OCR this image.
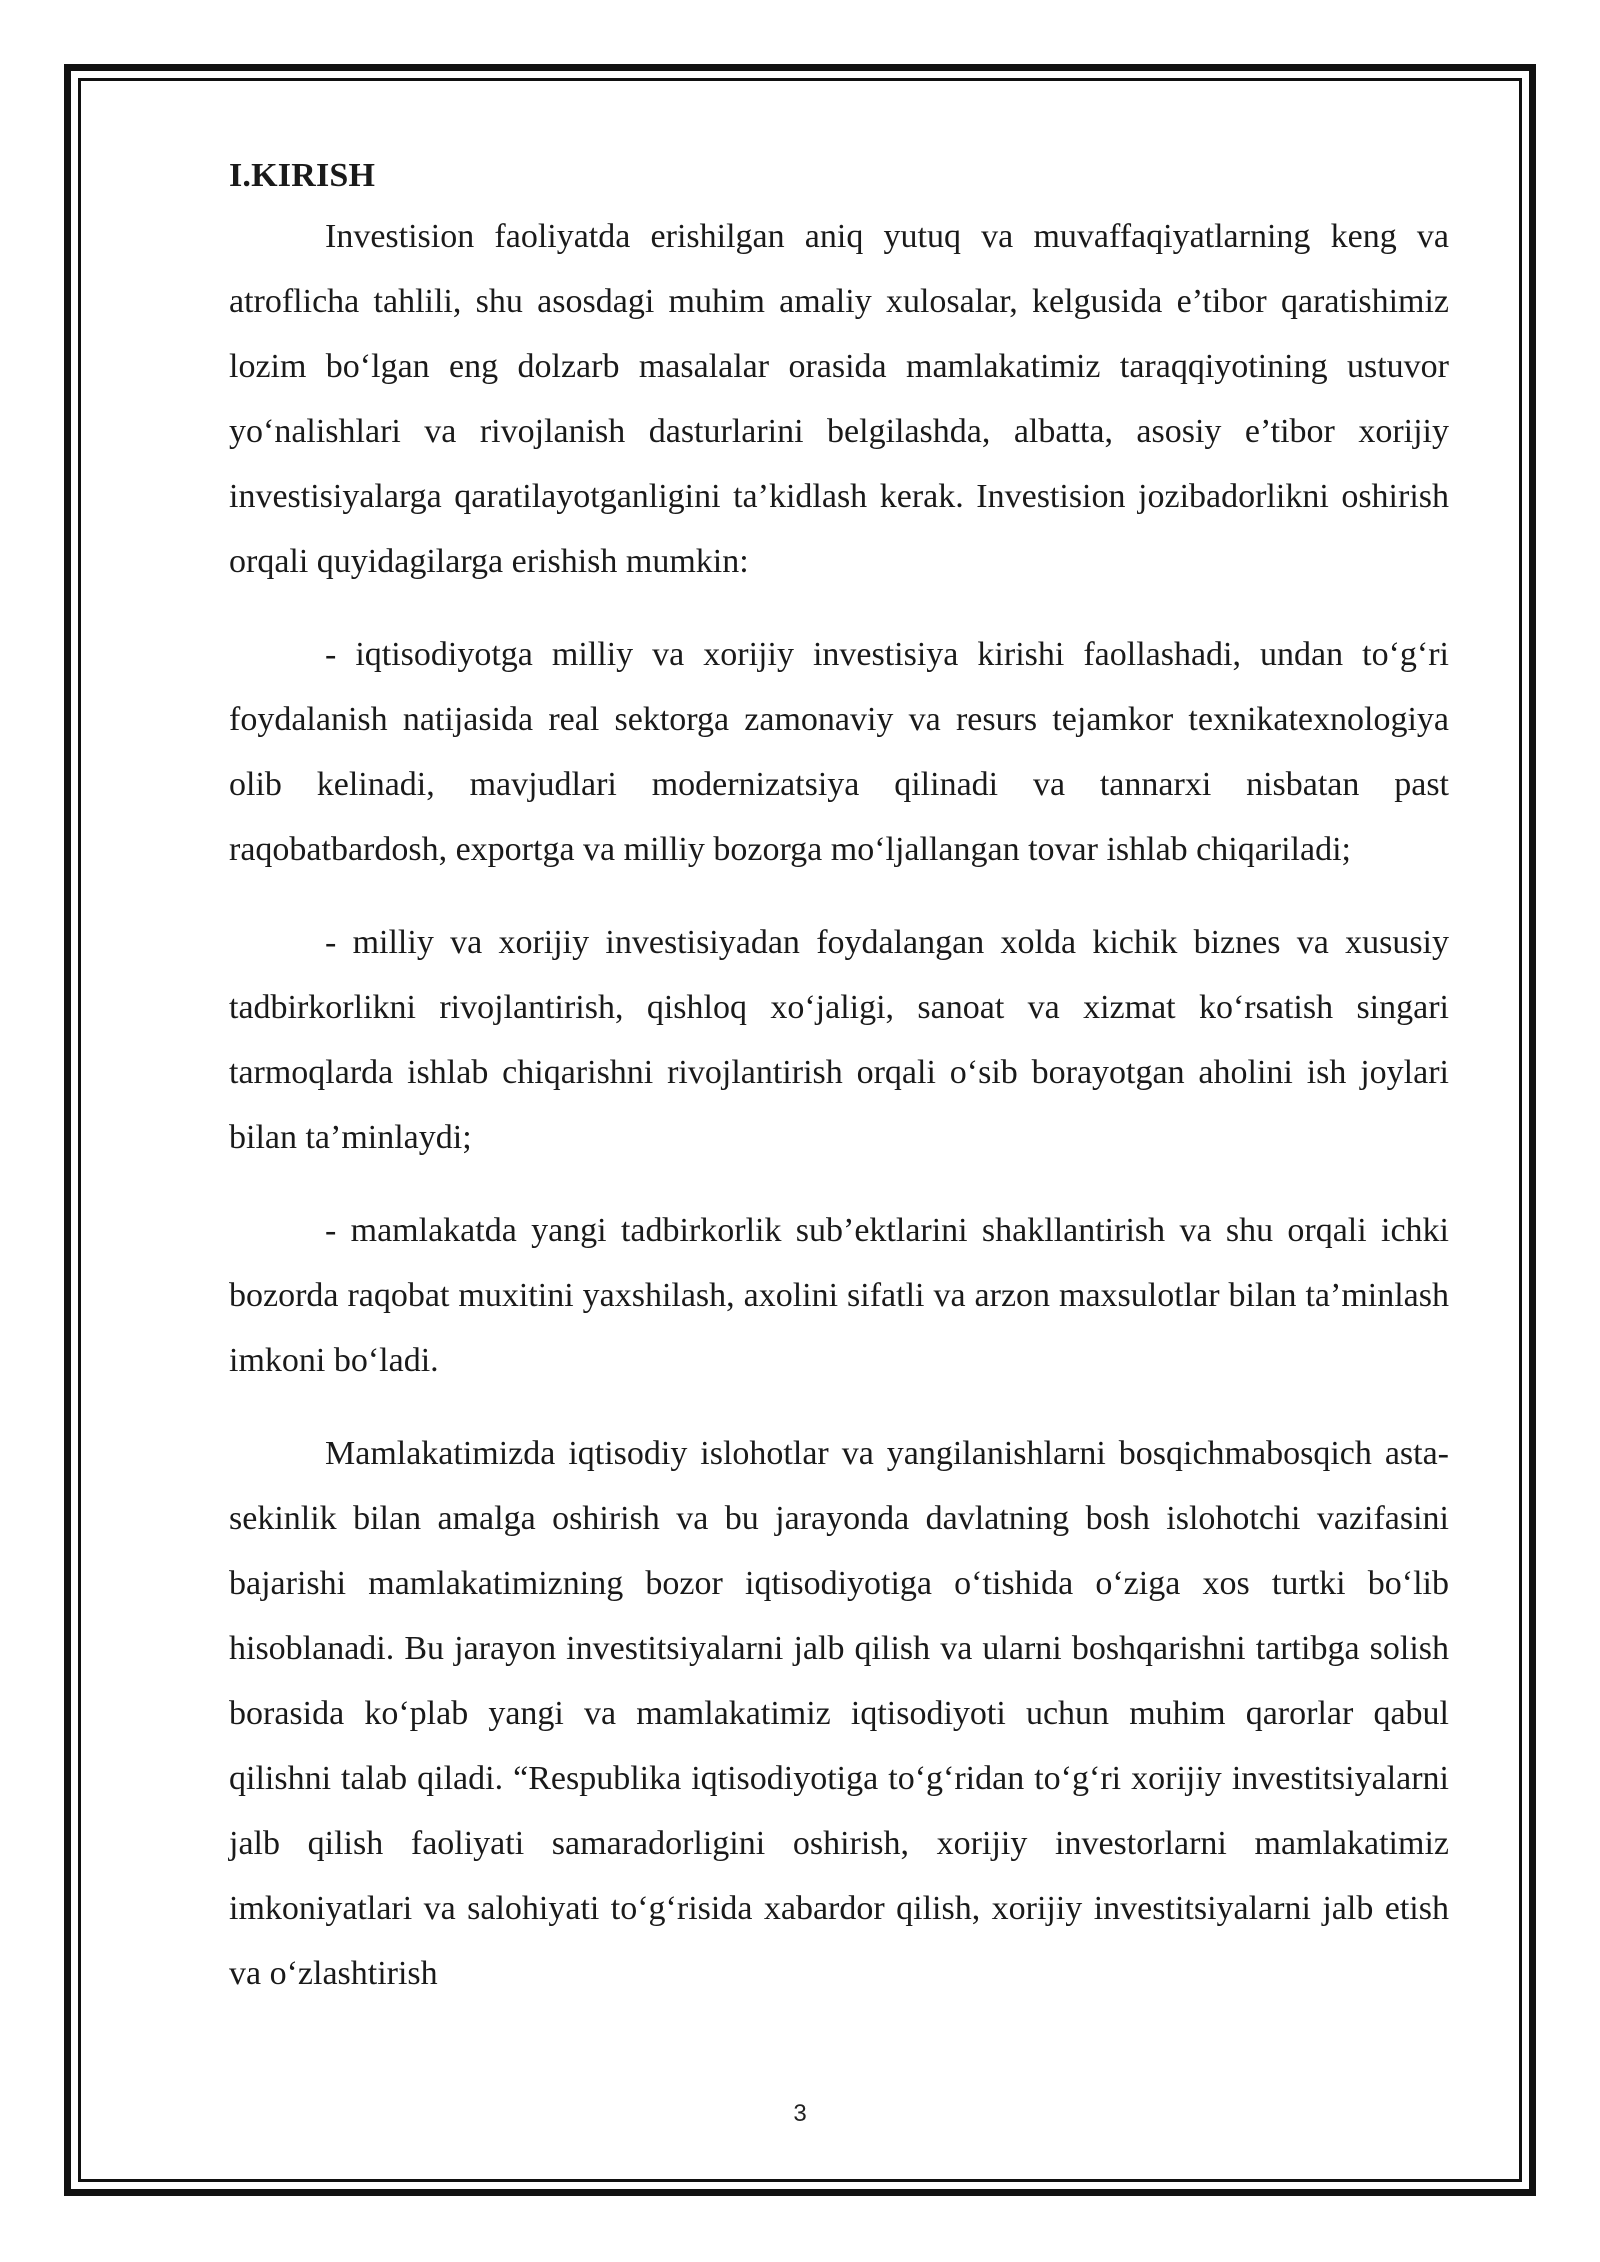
I.KIRISH

Investision faoliyatda erishilgan aniq yutuq va muvaffaqiyatlarning keng va atroflicha tahlili, shu asosdagi muhim amaliy xulosalar, kelgusida e’tibor qaratishimiz lozim bo‘lgan eng dolzarb masalalar orasida mamlakatimiz taraqqiyotining ustuvor yo‘nalishlari va rivojlanish dasturlarini belgilashda, albatta, asosiy e’tibor xorijiy investisiyalarga qaratilayotganligini ta’kidlash kerak. Investision jozibadorlikni oshirish orqali quyidagilarga erishish mumkin:

- iqtisodiyotga milliy va xorijiy investisiya kirishi faollashadi, undan to‘g‘ri foydalanish natijasida real sektorga zamonaviy va resurs tejamkor texnikatexnologiya olib kelinadi, mavjudlari modernizatsiya qilinadi va tannarxi nisbatan past raqobatbardosh, exportga va milliy bozorga mo‘ljallangan tovar ishlab chiqariladi;

- milliy va xorijiy investisiyadan foydalangan xolda kichik biznes va xususiy tadbirkorlikni rivojlantirish, qishloq xo‘jaligi, sanoat va xizmat ko‘rsatish singari tarmoqlarda ishlab chiqarishni rivojlantirish orqali o‘sib borayotgan aholini ish joylari bilan ta’minlaydi;

- mamlakatda yangi tadbirkorlik sub’ektlarini shakllantirish va shu orqali ichki bozorda raqobat muxitini yaxshilash, axolini sifatli va arzon maxsulotlar bilan ta’minlash imkoni bo‘ladi.

Mamlakatimizda iqtisodiy islohotlar va yangilanishlarni bosqichmabosqich asta-sekinlik bilan amalga oshirish va bu jarayonda davlatning bosh islohotchi vazifasini bajarishi mamlakatimizning bozor iqtisodiyotiga o‘tishida o‘ziga xos turtki bo‘lib hisoblanadi. Bu jarayon investitsiyalarni jalb qilish va ularni boshqarishni tartibga solish borasida ko‘plab yangi va mamlakatimiz iqtisodiyoti uchun muhim qarorlar qabul qilishni talab qiladi. “Respublika iqtisodiyotiga to‘g‘ridan to‘g‘ri xorijiy investitsiyalarni jalb qilish faoliyati samaradorligini oshirish, xorijiy investorlarni mamlakatimiz imkoniyatlari va salohiyati to‘g‘risida xabardor qilish, xorijiy investitsiyalarni jalb etish va o‘zlashtirish

3
